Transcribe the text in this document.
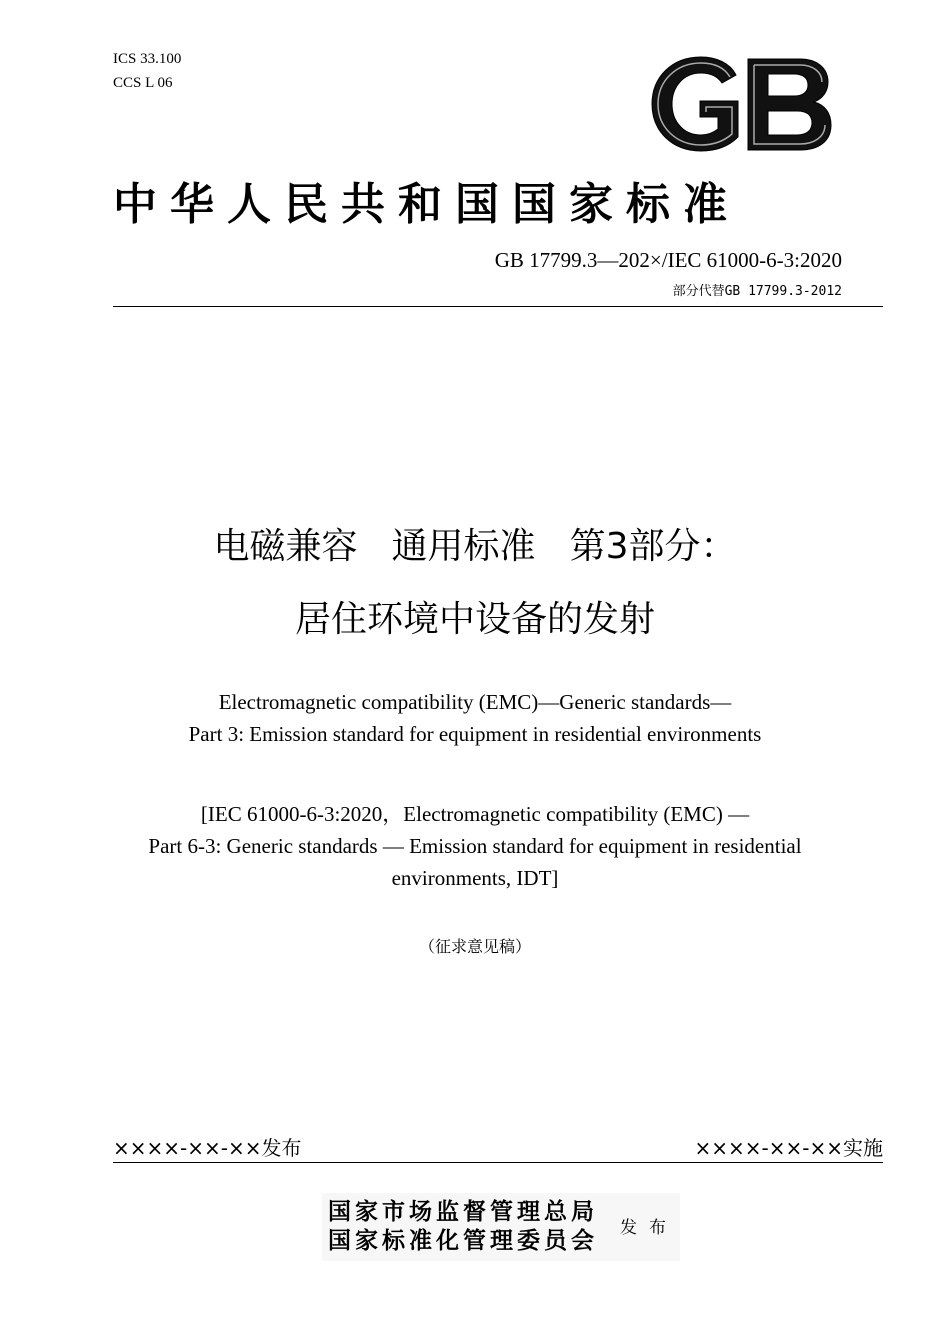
ICS 33.100
CCS L 06
中华人民共和国国家标准
GB 17799.3—202×/IEC 61000-6-3:2020
部分代替GB 17799.3-2012
电磁兼容 通用标准 第3部分：
居住环境中设备的发射
Electromagnetic compatibility (EMC)—Generic standards—
Part 3: Emission standard for equipment in residential environments
[IEC 61000-6-3:2020，Electromagnetic compatibility (EMC) —
Part 6-3: Generic standards — Emission standard for equipment in residential
environments, IDT]
（征求意见稿）
××××-××-××发布	××××-××-××实施
国家市场监督管理总局
国家标准化管理委员会 发布
